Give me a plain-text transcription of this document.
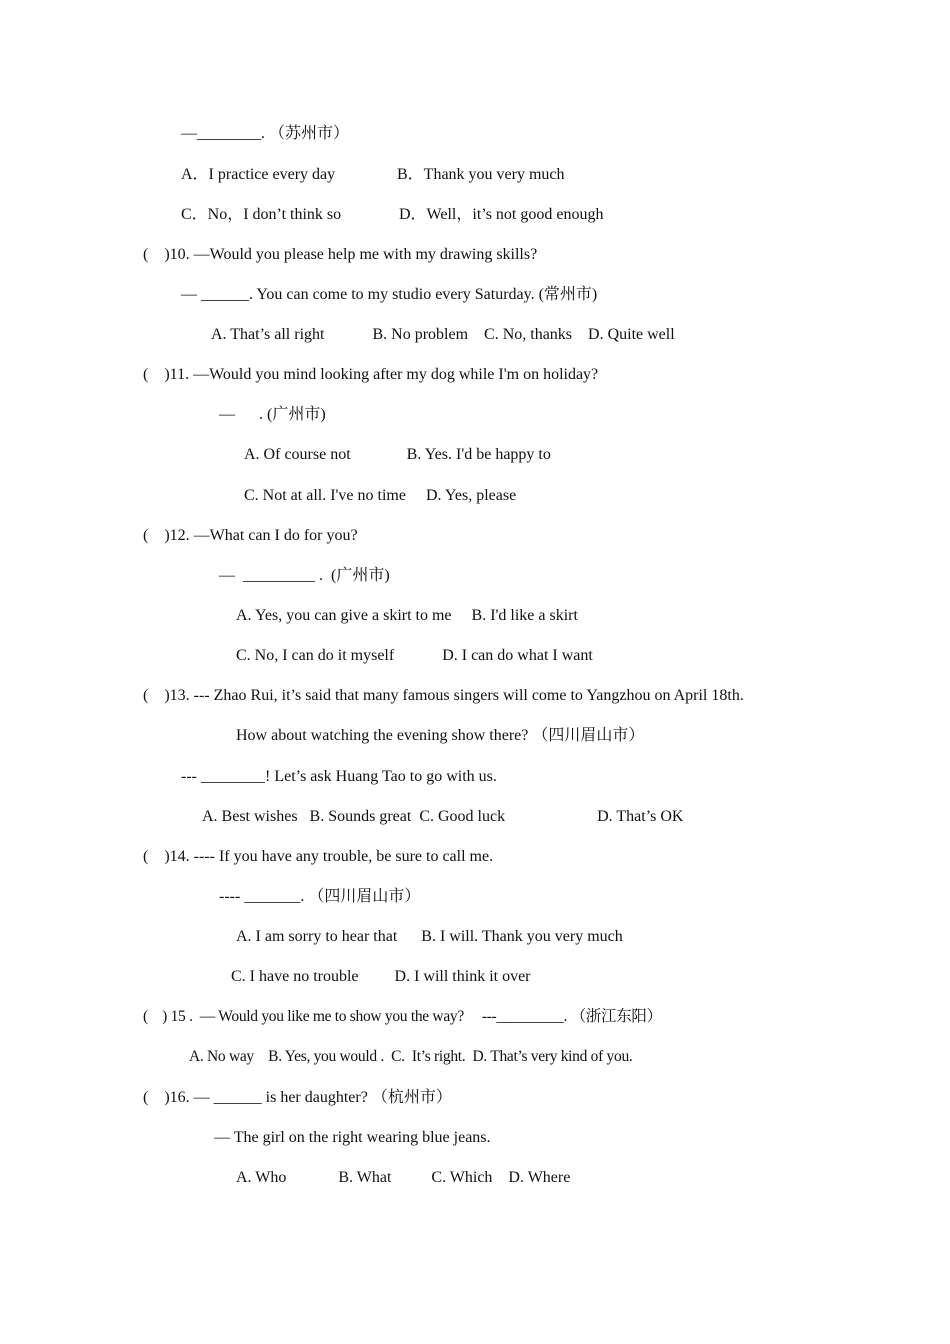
—________. （苏州市）
A．I practice every day	B．Thank you very much
C．No，I don’t think so	D．Well，it’s not good enough
(    )10. —Would you please help me with my drawing skills?
— ______. You can come to my studio every Saturday. (常州市)
A. That’s all right            B. No problem    C. No, thanks    D. Quite well
(    )11. —Would you mind looking after my dog while I'm on holiday?
—      . (广州市)
A. Of course not              B. Yes. I'd be happy to
C. Not at all. I've no time     D. Yes, please
(    )12. —What can I do for you?
—  _________ .  (广州市)
A. Yes, you can give a skirt to me     B. I'd like a skirt
C. No, I can do it myself            D. I can do what I want
(    )13. --- Zhao Rui, it’s said that many famous singers will come to Yangzhou on April 18th.
How about watching the evening show there? （四川眉山市）
--- ________! Let’s ask Huang Tao to go with us.
A. Best wishes   B. Sounds great  C. Good luck                       D. That’s OK
(    )14. ---- If you have any trouble, be sure to call me.
---- _______. （四川眉山市）
A. I am sorry to hear that      B. I will. Thank you very much
C. I have no trouble         D. I will think it over
(    ) 15 .  — Would you like me to show you the way?     ---_________. （浙江东阳）
A. No way    B. Yes, you would .  C.  It’s right.  D. That’s very kind of you.
(    )16. — ______ is her daughter? （杭州市）
— The girl on the right wearing blue jeans.
A. Who             B. What          C. Which    D. Where
